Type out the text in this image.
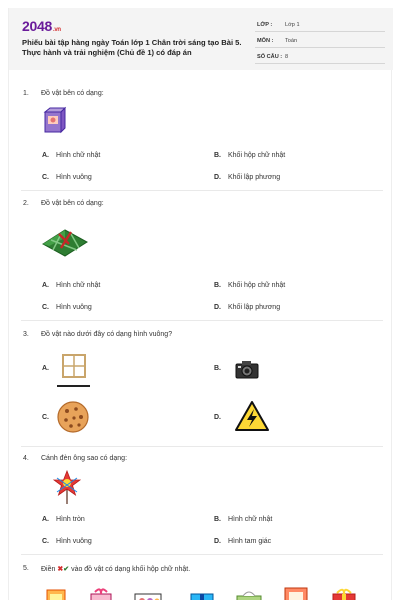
2048.vn
Phiếu bài tập hàng ngày Toán lớp 1 Chân trời sáng tạo Bài 5. Thực hành và trải nghiệm (Chủ đề 1) có đáp án
LỚP : Lớp 1
MÔN : Toán
SỐ CÂU : 8
1. Đồ vật bên có dạng:
A. Hình chữ nhật	B. Khối hộp chữ nhật
C. Hình vuông	D. Khối lập phương
2. Đồ vật bên có dạng:
A. Hình chữ nhật	B. Khối hộp chữ nhật
C. Hình vuông	D. Khối lập phương
3. Đồ vật nào dưới đây có dạng hình vuông?
A.	B.
C.	D.
4. Cánh đèn ông sao có dạng:
A. Hình tròn	B. Hình chữ nhật
C. Hình vuông	D. Hình tam giác
5. Điền ✖✔ vào đồ vật có dạng khối hộp chữ nhật.
